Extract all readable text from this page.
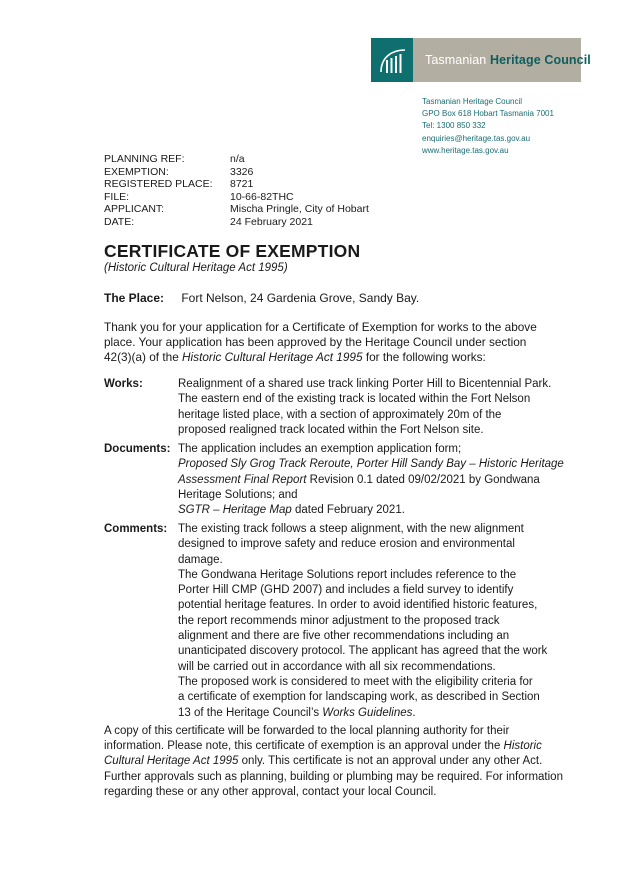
Tasmanian Heritage Council
Tasmanian Heritage Council
GPO Box 618 Hobart Tasmania 7001
Tel: 1300 850 332
enquiries@heritage.tas.gov.au
www.heritage.tas.gov.au
PLANNING REF:	n/a
EXEMPTION:	3326
REGISTERED PLACE:	8721
FILE:	10-66-82THC
APPLICANT:	Mischa Pringle, City of Hobart
DATE:	24 February 2021
CERTIFICATE OF EXEMPTION
(Historic Cultural Heritage Act 1995)
The Place: Fort Nelson, 24 Gardenia Grove, Sandy Bay.
Thank you for your application for a Certificate of Exemption for works to the above
place. Your application has been approved by the Heritage Council under section
42(3)(a) of the Historic Cultural Heritage Act 1995 for the following works:
Works:	Realignment of a shared use track linking Porter Hill to Bicentennial Park.
The eastern end of the existing track is located within the Fort Nelson
heritage listed place, with a section of approximately 20m of the
proposed realigned track located within the Fort Nelson site.
Documents: The application includes an exemption application form;
Proposed Sly Grog Track Reroute, Porter Hill Sandy Bay – Historic Heritage
Assessment Final Report Revision 0.1 dated 09/02/2021 by Gondwana
Heritage Solutions; and
SGTR – Heritage Map dated February 2021.
Comments: The existing track follows a steep alignment, with the new alignment
designed to improve safety and reduce erosion and environmental
damage.
The Gondwana Heritage Solutions report includes reference to the
Porter Hill CMP (GHD 2007) and includes a field survey to identify
potential heritage features. In order to avoid identified historic features,
the report recommends minor adjustment to the proposed track
alignment and there are five other recommendations including an
unanticipated discovery protocol. The applicant has agreed that the work
will be carried out in accordance with all six recommendations.
The proposed work is considered to meet with the eligibility criteria for
a certificate of exemption for landscaping work, as described in Section
13 of the Heritage Council’s Works Guidelines.
A copy of this certificate will be forwarded to the local planning authority for their
information. Please note, this certificate of exemption is an approval under the Historic
Cultural Heritage Act 1995 only. This certificate is not an approval under any other Act.
Further approvals such as planning, building or plumbing may be required. For information
regarding these or any other approval, contact your local Council.
